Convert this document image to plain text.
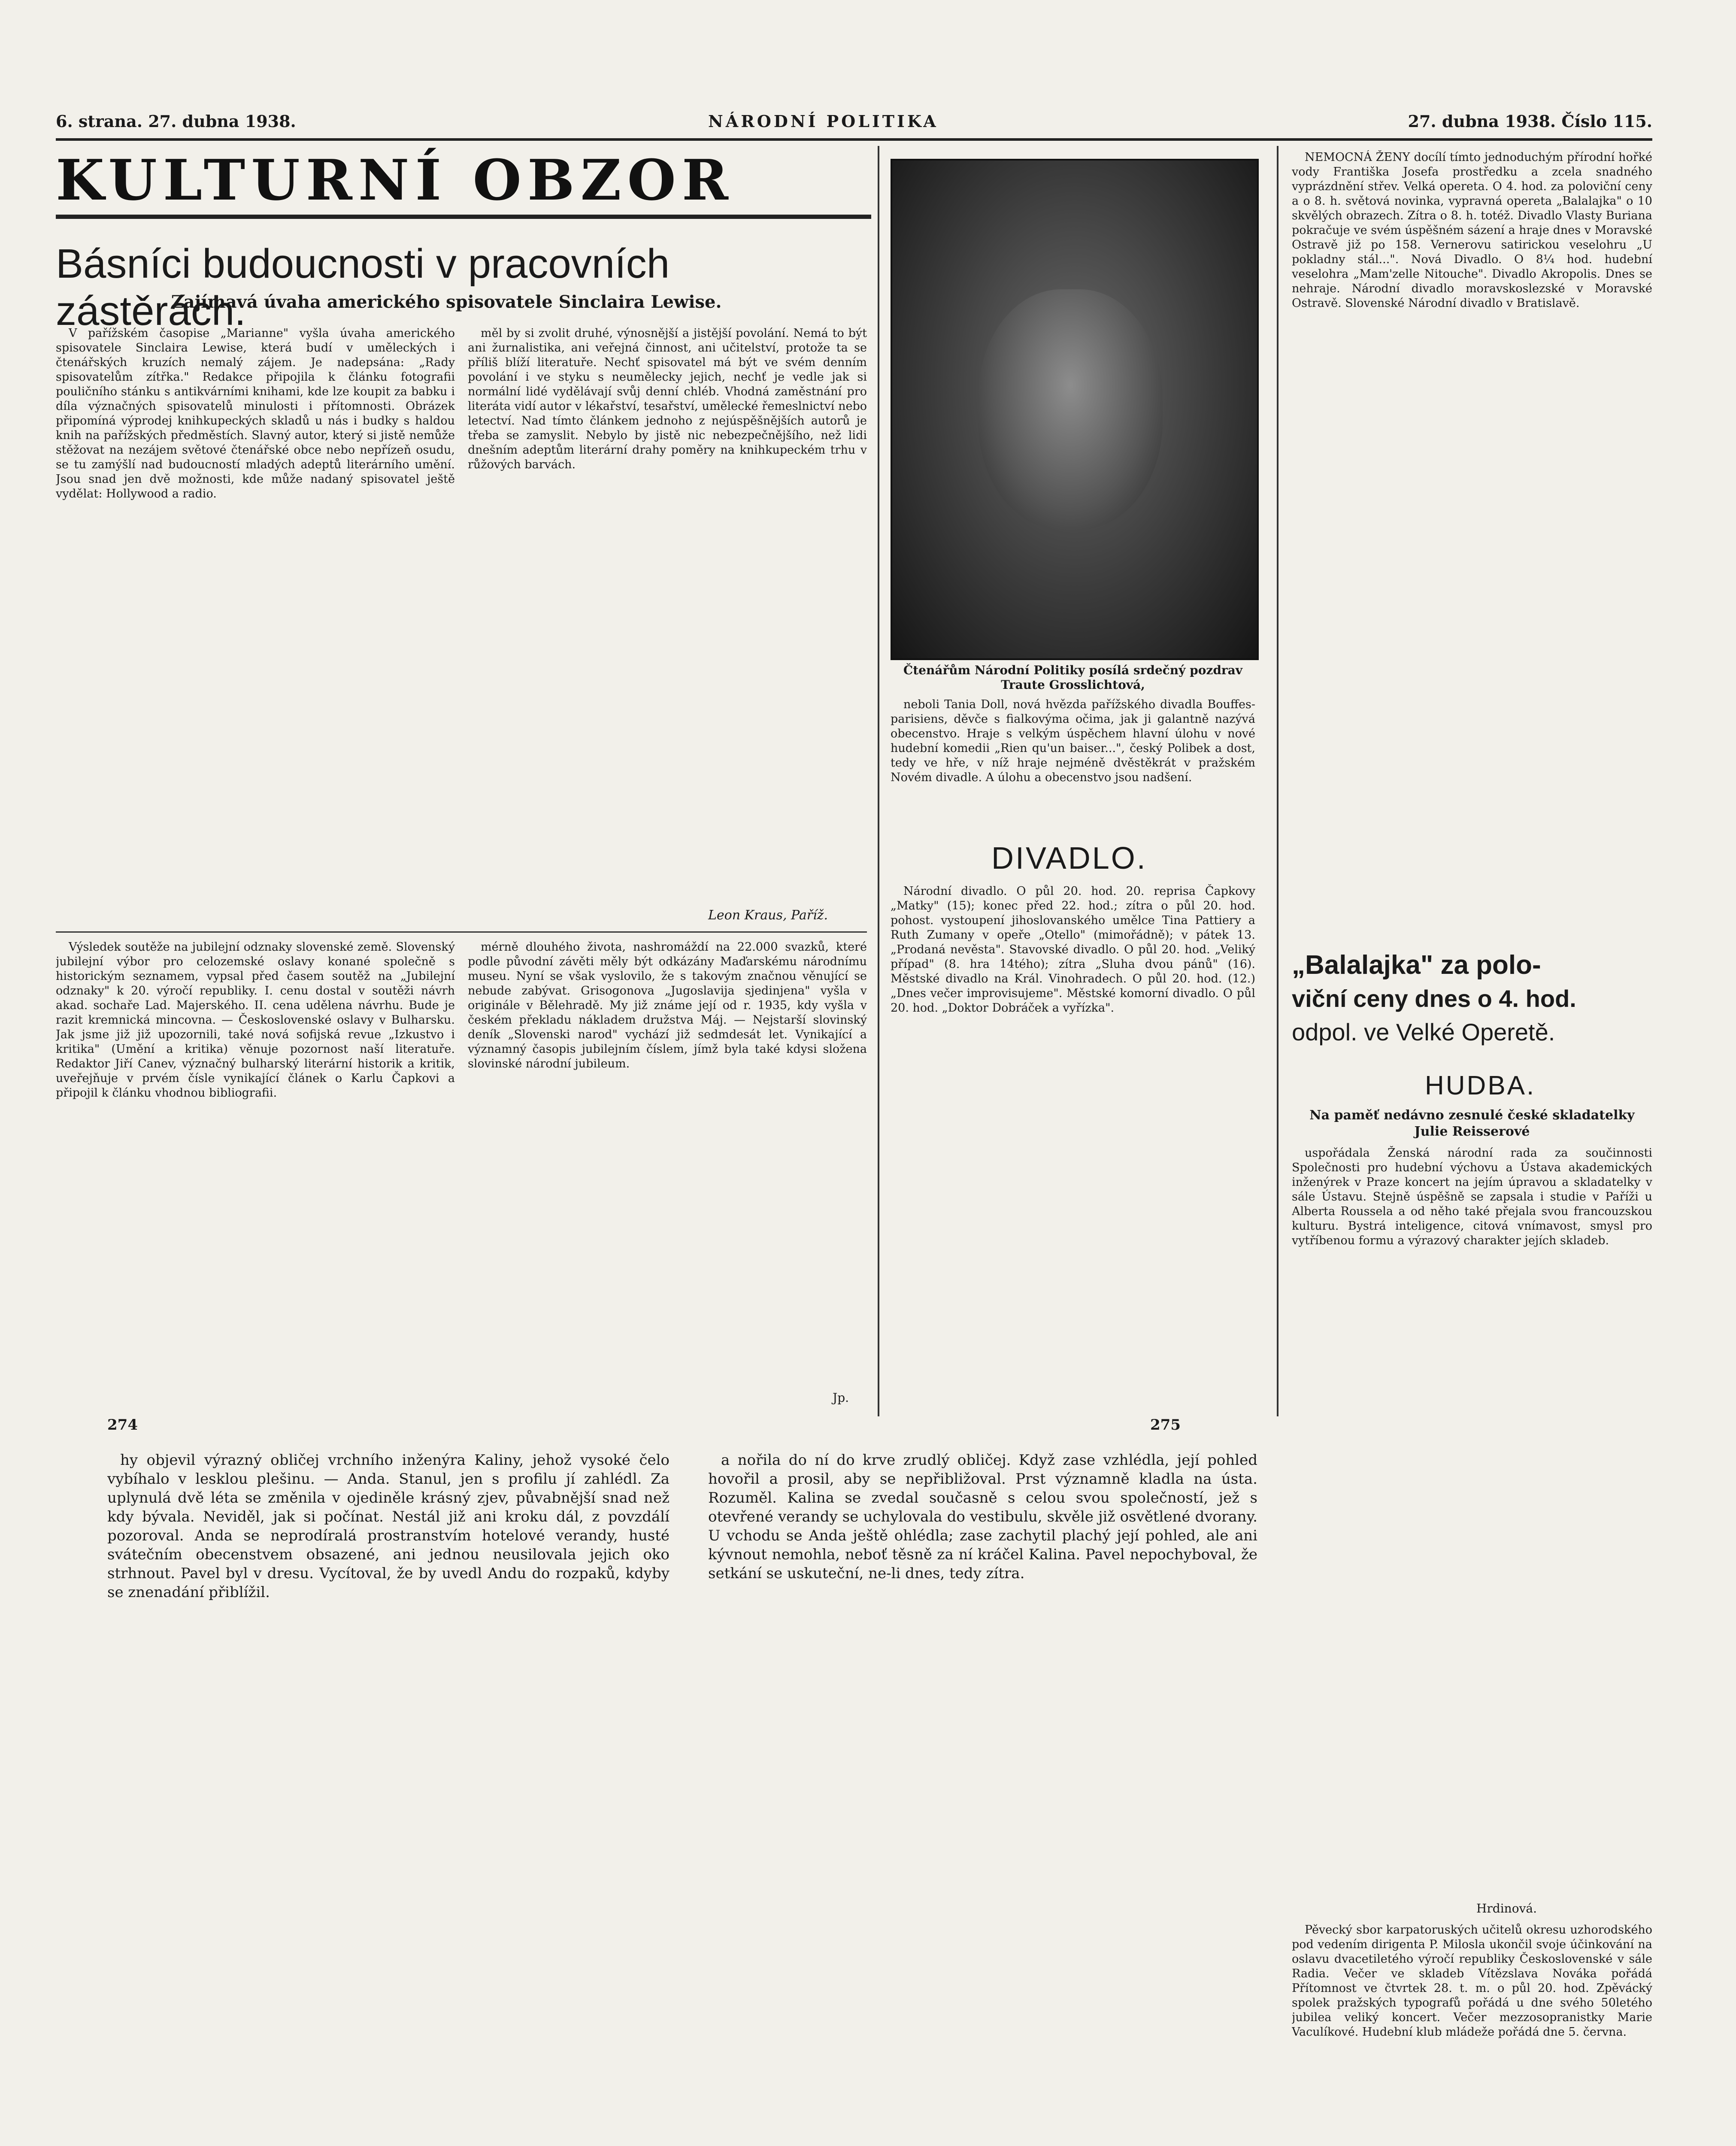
6. strana. 27. dubna 1938.	NÁRODNÍ POLITIKA	27. dubna 1938. Číslo 115.
KULTURNÍ OBZOR
Básníci budoucnosti v pracovních zástěrách.
Zajímavá úvaha amerického spisovatele Sinclaira Lewise.

V pařížském časopise „Marianne" vyšla úvaha amerického spisovatele Sinclaira Lewise, která budí v uměleckých i čtenářských kruzích nemalý zájem. Je nadepsána: „Rady spisovatelům zítřka." Redakce připojila k článku fotografii pouličního stánku s antikvárními knihami, kde lze koupit za babku i díla význačných spisovatelů minulosti i přítomnosti. Obrázek připomíná výprodej knihkupeckých skladů u nás i budky s haldou knih na pařížských předměstích. Slavný autor, který si jistě nemůže stěžovat na nezájem světové čtenářské obce nebo nepřízeň osudu, se tu zamýšlí nad budoucností mladých adeptů literárního umění. Jsou snad jen dvě možnosti, kde může nadaný spisovatel ještě vydělat: Hollywood a radio.

měl by si zvolit druhé, výnosnější a jistější povolání. Nemá to být ani žurnalistika, ani veřejná činnost, ani učitelství, protože ta se příliš blíží literatuře. Nechť spisovatel má být ve svém denním povolání i ve styku s neumělecky jejich, nechť je vedle jak si normální lidé vydělávají svůj denní chléb. Vhodná zaměstnání pro literáta vidí autor v lékařství, tesařství, umělecké řemeslnictví nebo letectví. Nad tímto článkem jednoho z nejúspěšnějších autorů je třeba se zamyslit. Nebylo by jistě nic nebezpečnějšího, než lidi dnešním adeptům literární drahy poměry na knihkupeckém trhu v růžových barvách.

Leon Kraus, Paříž.
Čtenářům Národní Politiky posílá srdečný pozdrav Traute Grosslichtová,

neboli Tania Doll, nová hvězda pařížského divadla Bouffes-parisiens, děvče s fialkovýma očima, jak ji galantně nazývá obecenstvo. Hraje s velkým úspěchem hlavní úlohu v nové hudební komedii „Rien qu'un baiser...", český Polibek a dost, tedy ve hře, v níž hraje nejméně dvěstěkrát v pražském Novém divadle. A úlohu a obecenstvo jsou nadšení.

Výsledek soutěže na jubilejní odznaky slovenské země. Slovenský jubilejní výbor pro celozemské oslavy konané společně s historickým seznamem, vypsal před časem soutěž na „Jubilejní odznaky" k 20. výročí republiky. I. cenu dostal v soutěži návrh akad. sochaře Lad. Majerského. II. cena udělena návrhu. Bude je razit kremnická mincovna. — Československé oslavy v Bulharsku. Jak jsme již již upozornili, také nová sofijská revue „Izkustvo i kritika" (Umění a kritika) věnuje pozornost naší literatuře. Redaktor Jiří Canev, význačný bulharský literární historik a kritik, uveřejňuje v prvém čísle vynikající článek o Karlu Čapkovi a připojil k článku vhodnou bibliografii.

mérně dlouhého života, nashromáždí na 22.000 svazků, které podle původní závěti měly být odkázány Maďarskému národnímu museu. Nyní se však vyslovilo, že s takovým značnou věnující se nebude zabývat. Grisogonova „Jugoslavija sjedinjena" vyšla v originále v Bělehradě. My již známe její od r. 1935, kdy vyšla v českém překladu nákladem družstva Máj. — Nejstarší slovinský deník „Slovenski narod" vychází již sedmdesát let. Vynikající a významný časopis jubilejním číslem, jímž byla také kdysi složena slovinské národní jubileum.

Jp.
DIVADLO.

Národní divadlo. O půl 20. hod. 20. reprisa Čapkovy „Matky" (15); konec před 22. hod.; zítra o půl 20. hod. pohost. vystoupení jihoslovanského umělce Tina Pattiery a Ruth Zumany v opeře „Otello" (mimořádně); v pátek 13. „Prodaná nevěsta". Stavovské divadlo. O půl 20. hod. „Veliký případ" (8. hra 14tého); zítra „Sluha dvou pánů" (16). Městské divadlo na Král. Vinohradech. O půl 20. hod. (12.) „Dnes večer improvisujeme". Městské komorní divadlo. O půl 20. hod. „Doktor Dobráček a vyřízka".

NEMOCNÁ ŽENY docílí tímto jednoduchým přírodní hořké vody Františka Josefa prostředku a zcela snadného vyprázdnění střev. Velká opereta. O 4. hod. za poloviční ceny a o 8. h. světová novinka, vypravná opereta „Balalajka" o 10 skvělých obrazech. Zítra o 8. h. totéž. Divadlo Vlasty Buriana pokračuje ve svém úspěšném sázení a hraje dnes v Moravské Ostravě již po 158. Vernerovu satirickou veselohru „U pokladny stál...". Nová Divadlo. O 8¼ hod. hudební veselohra „Mam'zelle Nitouche". Divadlo Akropolis. Dnes se nehraje. Národní divadlo moravskoslezské v Moravské Ostravě. Slovenské Národní divadlo v Bratislavě.

„Balalajka" za polo-
viční ceny dnes o 4. hod.
odpol. ve Velké Operetě.
HUDBA.
Na paměť nedávno zesnulé české skladatelky Julie Reisserové

uspořádala Ženská národní rada za součinnosti Společnosti pro hudební výchovu a Ústava akademických inženýrek v Praze koncert na jejím úpravou a skladatelky v sále Ústavu. Stejně úspěšně se zapsala i studie v Paříži u Alberta Roussela a od něho také přejala svou francouzskou kulturu. Bystrá inteligence, citová vnímavost, smysl pro vytříbenou formu a výrazový charakter jejích skladeb.

Hrdinová.

Pěvecký sbor karpatoruských učitelů okresu uzhorodského pod vedením dirigenta P. Milosla ukončil svoje účinkování na oslavu dvacetiletého výročí republiky Československé v sále Radia. Večer ve skladeb Vítězslava Nováka pořádá Přítomnost ve čtvrtek 28. t. m. o půl 20. hod. Zpěvácký spolek pražských typografů pořádá u dne svého 50letého jubilea veliký koncert. Večer mezzosopranistky Marie Vaculíkové. Hudební klub mládeže pořádá dne 5. června.

274	275

hy objevil výrazný obličej vrchního inženýra Kaliny, jehož vysoké čelo vybíhalo v lesklou plešinu. — Anda. Stanul, jen s profilu jí zahlédl. Za uplynulá dvě léta se změnila v ojediněle krásný zjev, půvabnější snad než kdy bývala. Neviděl, jak si počínat. Nestál již ani kroku dál, z povzdálí pozoroval. Anda se neprodíralá prostranstvím hotelové verandy, husté svátečním obecenstvem obsazené, ani jednou neusilovala jejich oko strhnout. Pavel byl v dresu. Vycítoval, že by uvedl Andu do rozpaků, kdyby se znenadání přiblížil.

a nořila do ní do krve zrudlý obličej. Když zase vzhlédla, její pohled hovořil a prosil, aby se nepřibližoval. Prst významně kladla na ústa. Rozuměl. Kalina se zvedal současně s celou svou společností, jež s otevřené verandy se uchylovala do vestibulu, skvěle již osvětlené dvorany. U vchodu se Anda ještě ohlédla; zase zachytil plachý její pohled, ale ani kývnout nemohla, neboť těsně za ní kráčel Kalina. Pavel nepochyboval, že setkání se uskuteční, ne-li dnes, tedy zítra.
